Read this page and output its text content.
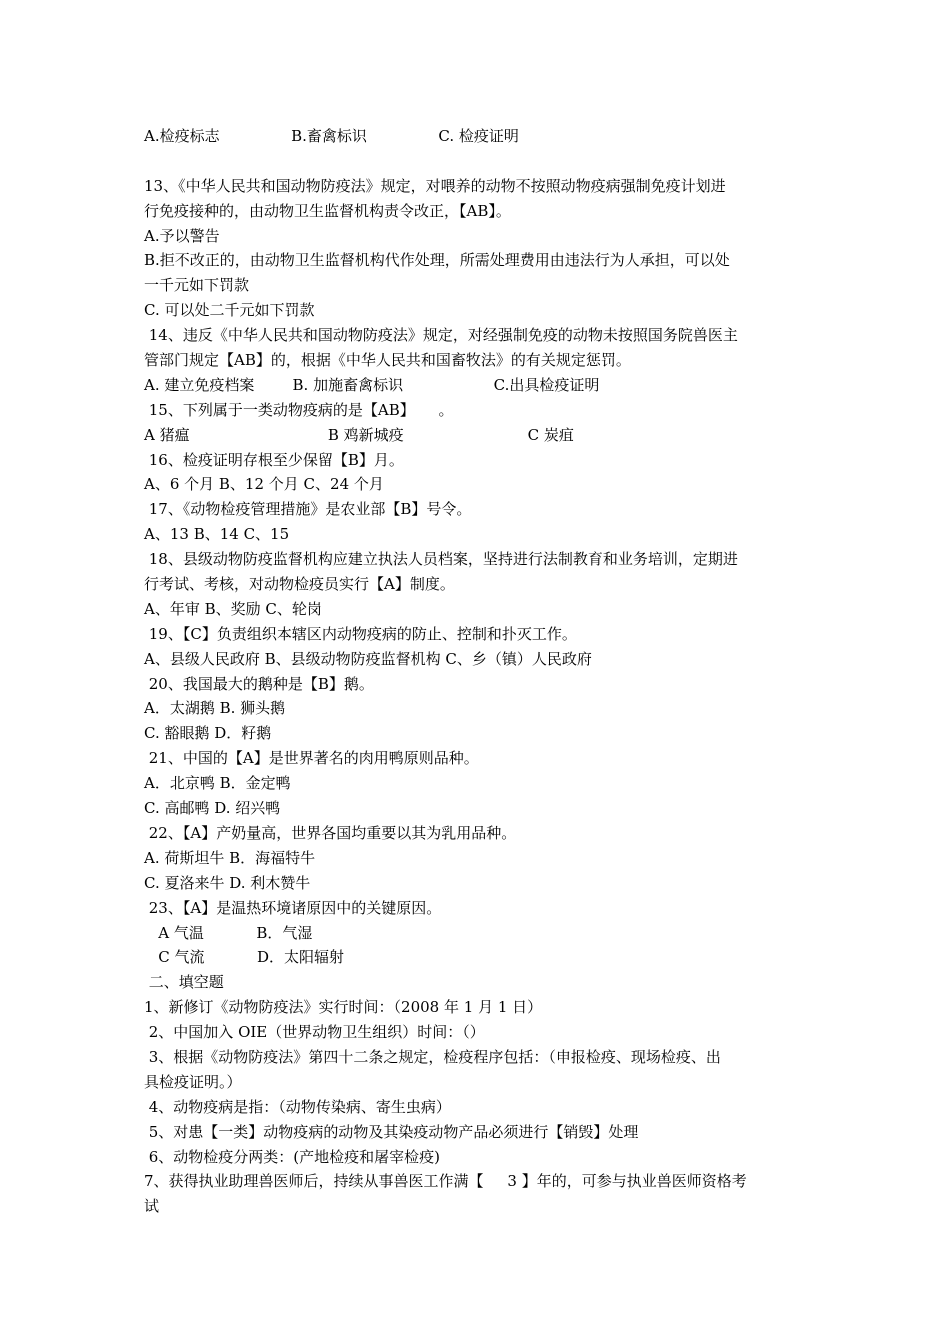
A.检疫标志               B.畜禽标识               C. 检疫证明
13、《中华人民共和国动物防疫法》规定，对喂养的动物不按照动物疫病强制免疫计划进
行免疫接种的，由动物卫生监督机构责令改正，【AB】。
A.予以警告
B.拒不改正的，由动物卫生监督机构代作处理，所需处理费用由违法行为人承担，可以处
一千元如下罚款
C. 可以处二千元如下罚款
14、违反《中华人民共和国动物防疫法》规定，对经强制免疫的动物未按照国务院兽医主
管部门规定【AB】的，根据《中华人民共和国畜牧法》的有关规定惩罚。
A. 建立免疫档案        B. 加施畜禽标识                   C.出具检疫证明
15、下列属于一类动物疫病的是【AB】     。
A 猪瘟                             B 鸡新城疫                          C 炭疽
16、检疫证明存根至少保留【B】月。
A、6 个月 B、12 个月 C、24 个月
17、《动物检疫管理措施》是农业部【B】号令。
A、13 B、14 C、15
18、县级动物防疫监督机构应建立执法人员档案，坚持进行法制教育和业务培训，定期进
行考试、考核，对动物检疫员实行【A】制度。
A、年审 B、奖励 C、轮岗
19、【C】负责组织本辖区内动物疫病的防止、控制和扑灭工作。
A、县级人民政府 B、县级动物防疫监督机构 C、乡（镇）人民政府
20、我国最大的鹅种是【B】鹅。
A．太湖鹅 B. 狮头鹅
C. 豁眼鹅 D．籽鹅
21、中国的【A】是世界著名的肉用鸭原则品种。
A．北京鸭 B．金定鸭
C. 高邮鸭 D. 绍兴鸭
22、【A】产奶量高，世界各国均重要以其为乳用品种。
A. 荷斯坦牛 B．海福特牛
C. 夏洛来牛 D. 利木赞牛
23、【A】是温热环境诸原因中的关键原因。
A 气温           B．气湿
C 气流           D．太阳辐射
二、填空题
1、新修订《动物防疫法》实行时间：（2008 年 1 月 1 日）
2、中国加入 OIE（世界动物卫生组织）时间：（）
3、根据《动物防疫法》第四十二条之规定，检疫程序包括：（申报检疫、现场检疫、出
具检疫证明。）
4、动物疫病是指：（动物传染病、寄生虫病）
5、对患【一类】动物疫病的动物及其染疫动物产品必须进行【销毁】处理
6、动物检疫分两类：(产地检疫和屠宰检疫)
7、获得执业助理兽医师后，持续从事兽医工作满【     3 】年的，可参与执业兽医师资格考
试
